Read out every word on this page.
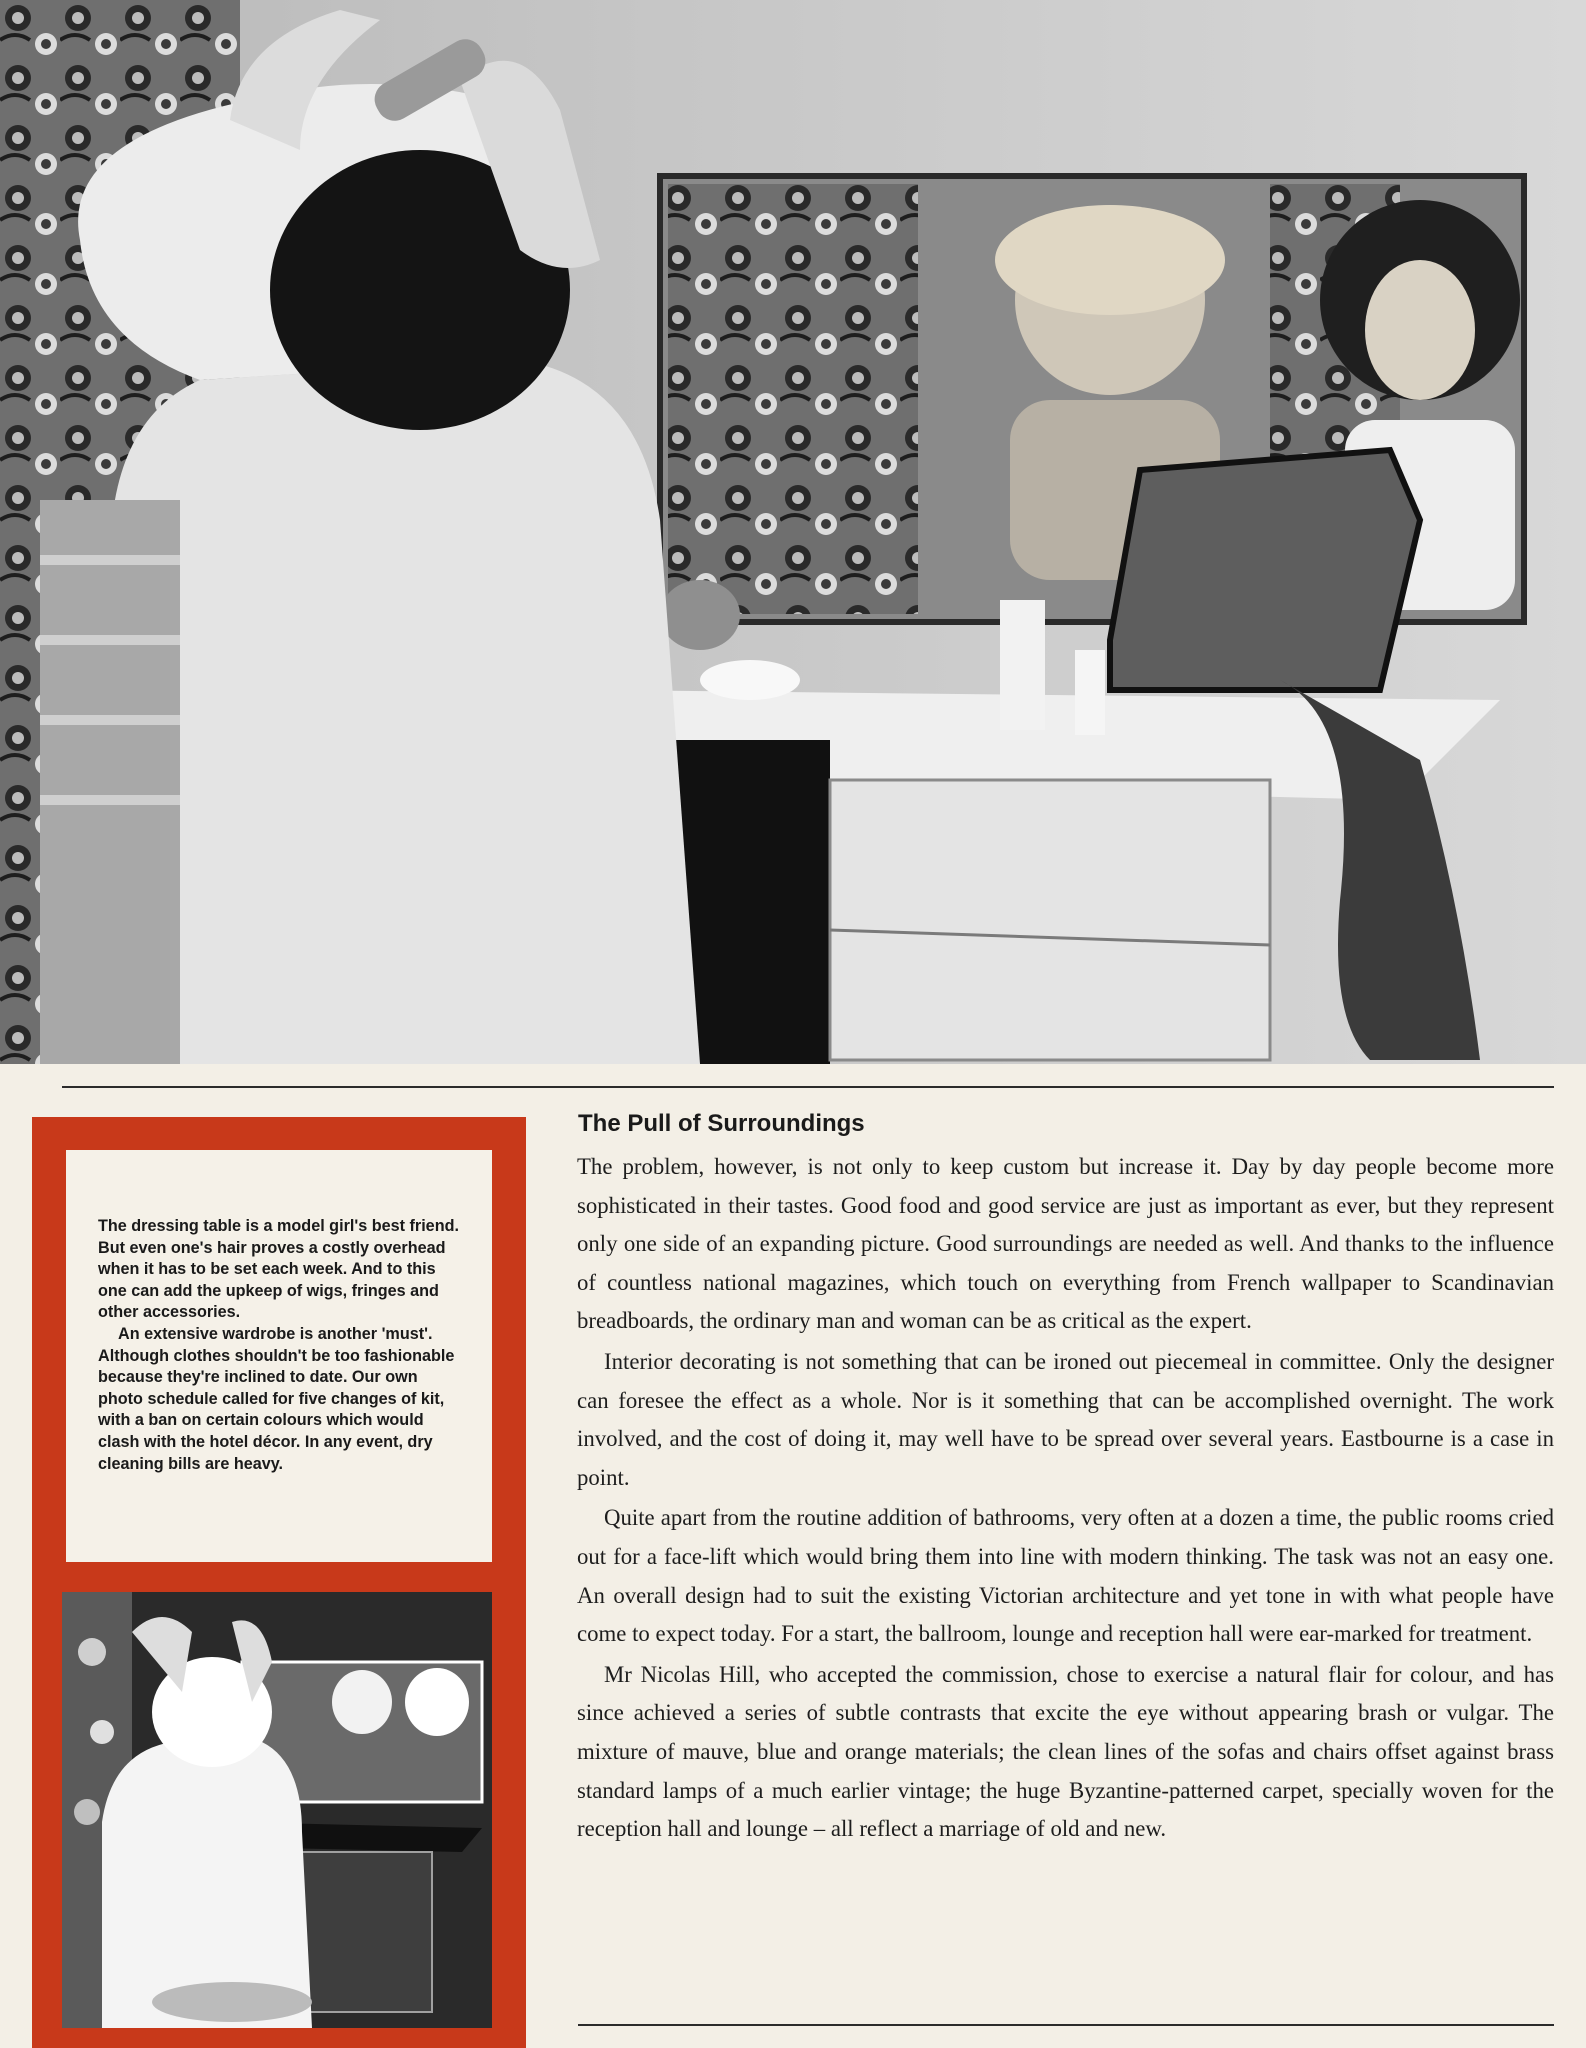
The dressing table is a model girl's best friend. But even one's hair proves a costly overhead when it has to be set each week. And to this one can add the upkeep of wigs, fringes and other accessories.

An extensive wardrobe is another 'must'. Although clothes shouldn't be too fashionable because they're inclined to date. Our own photo schedule called for five changes of kit, with a ban on certain colours which would clash with the hotel décor. In any event, dry cleaning bills are heavy.

The Pull of Surroundings

The problem, however, is not only to keep custom but increase it. Day by day people become more sophisticated in their tastes. Good food and good service are just as important as ever, but they represent only one side of an expanding picture. Good surroundings are needed as well. And thanks to the influence of countless national magazines, which touch on everything from French wallpaper to Scandinavian breadboards, the ordinary man and woman can be as critical as the expert.

Interior decorating is not something that can be ironed out piecemeal in committee. Only the designer can foresee the effect as a whole. Nor is it something that can be accomplished overnight. The work involved, and the cost of doing it, may well have to be spread over several years. Eastbourne is a case in point.

Quite apart from the routine addition of bathrooms, very often at a dozen a time, the public rooms cried out for a face-lift which would bring them into line with modern thinking. The task was not an easy one. An overall design had to suit the existing Victorian architecture and yet tone in with what people have come to expect today. For a start, the ballroom, lounge and reception hall were ear-marked for treatment.

Mr Nicolas Hill, who accepted the commission, chose to exercise a natural flair for colour, and has since achieved a series of subtle contrasts that excite the eye without appearing brash or vulgar. The mixture of mauve, blue and orange materials; the clean lines of the sofas and chairs offset against brass standard lamps of a much earlier vintage; the huge Byzantine-patterned carpet, specially woven for the reception hall and lounge – all reflect a marriage of old and new.
